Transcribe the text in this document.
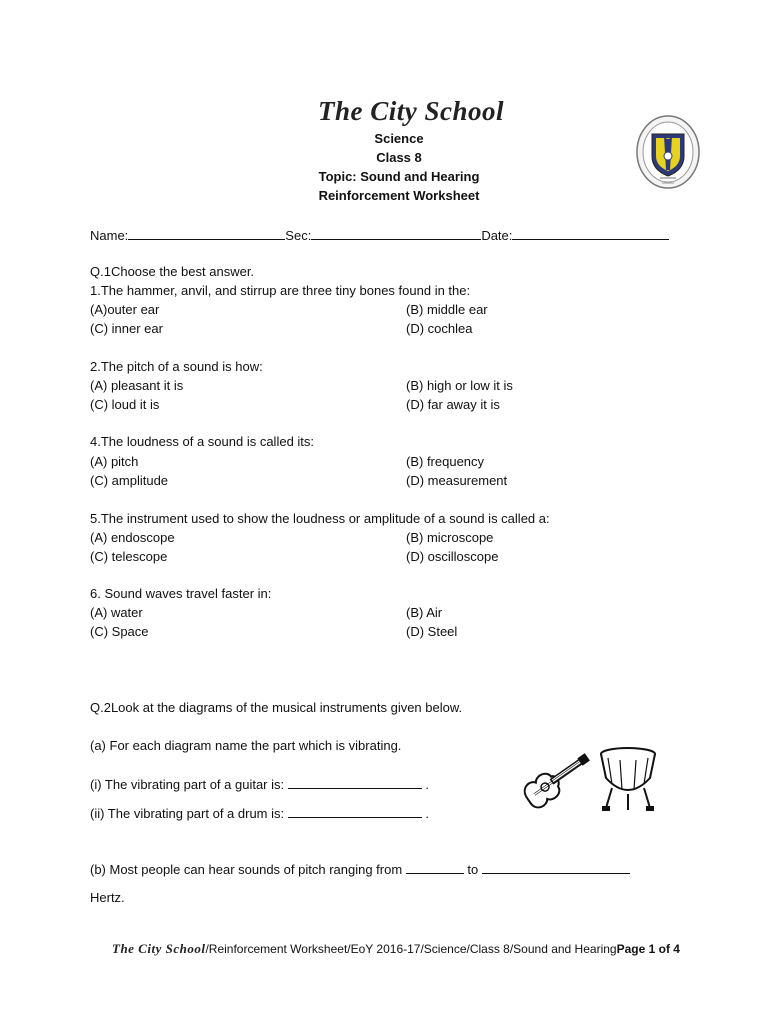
The City School
Science
Class 8
Topic: Sound and Hearing
Reinforcement Worksheet
Name:	Sec:	Date:
Q.1Choose the best answer.
1.The hammer, anvil, and stirrup are three tiny bones found in the:
(A)outer ear	(B) middle ear
(C) inner ear	(D) cochlea
2.The pitch of a sound is how:
(A) pleasant it is	(B) high or low it is
(C) loud it is	(D) far away it is
4.The loudness of a sound is called its:
(A) pitch	(B) frequency
(C) amplitude	(D) measurement
5.The instrument used to show the loudness or amplitude of a sound is called a:
(A) endoscope	(B) microscope
(C) telescope	(D) oscilloscope
6. Sound waves travel faster in:
(A) water	(B) Air
(C) Space	(D) Steel
Q.2Look at the diagrams of the musical instruments given below.
(a) For each diagram name the part which is vibrating.
(i) The vibrating part of a guitar is:	.
(ii) The vibrating part of a drum is:	.
(b) Most people can hear sounds of pitch ranging from	to
Hertz.
The City School/Reinforcement Worksheet/EoY 2016-17/Science/Class 8/Sound and HearingPage 1 of 4
